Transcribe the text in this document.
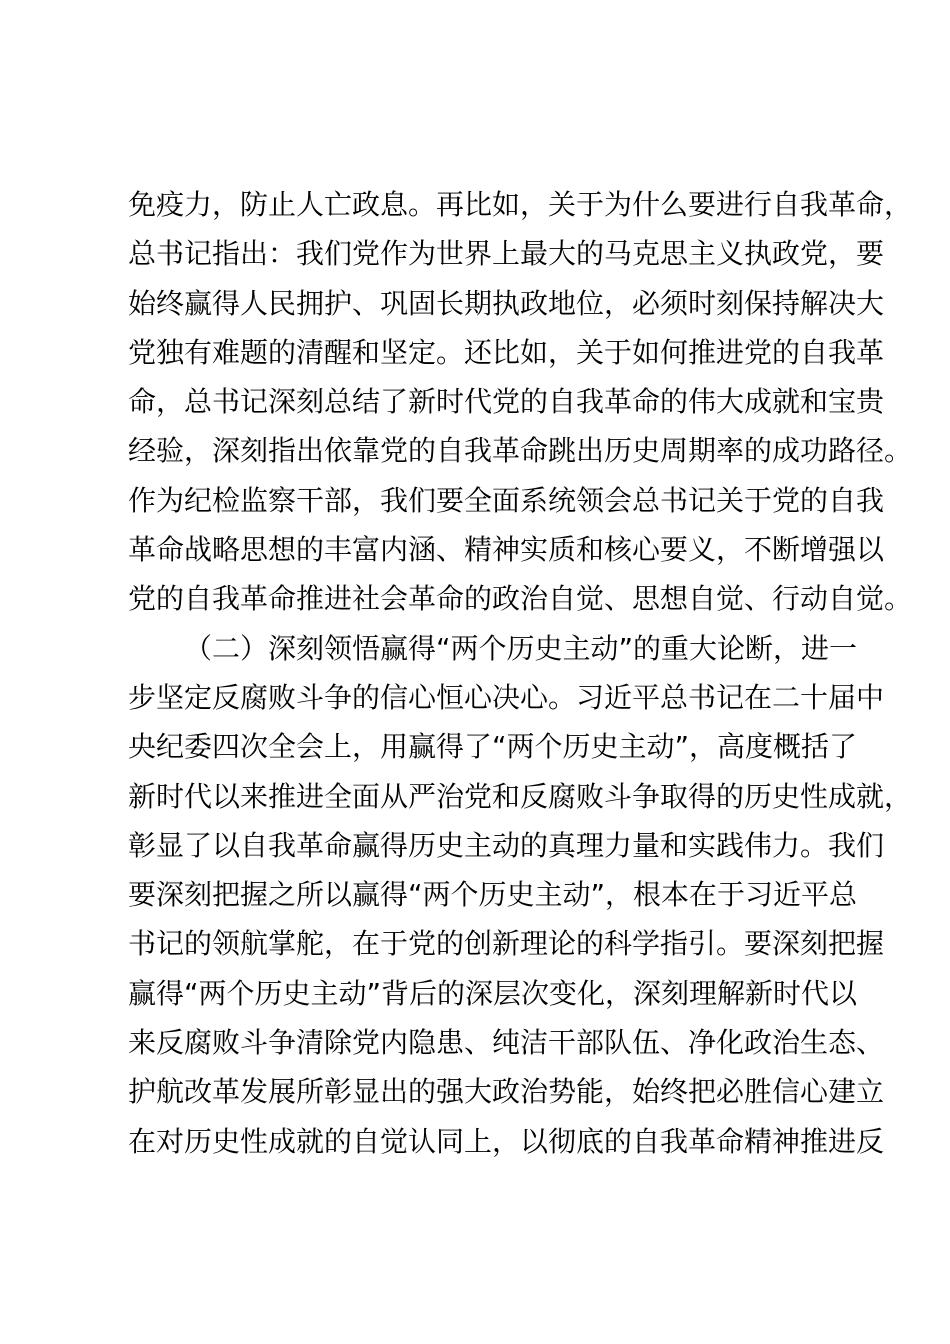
免疫力，防止人亡政息。再比如，关于为什么要进行自我革命，
总书记指出：我们党作为世界上最大的马克思主义执政党，要
始终赢得人民拥护、巩固长期执政地位，必须时刻保持解决大
党独有难题的清醒和坚定。还比如，关于如何推进党的自我革
命，总书记深刻总结了新时代党的自我革命的伟大成就和宝贵
经验，深刻指出依靠党的自我革命跳出历史周期率的成功路径。
作为纪检监察干部，我们要全面系统领会总书记关于党的自我
革命战略思想的丰富内涵、精神实质和核心要义，不断增强以
党的自我革命推进社会革命的政治自觉、思想自觉、行动自觉。
（二）深刻领悟赢得“两个历史主动”的重大论断，进一
步坚定反腐败斗争的信心恒心决心。习近平总书记在二十届中
央纪委四次全会上，用赢得了“两个历史主动”，高度概括了
新时代以来推进全面从严治党和反腐败斗争取得的历史性成就，
彰显了以自我革命赢得历史主动的真理力量和实践伟力。我们
要深刻把握之所以赢得“两个历史主动”，根本在于习近平总
书记的领航掌舵，在于党的创新理论的科学指引。要深刻把握
赢得“两个历史主动”背后的深层次变化，深刻理解新时代以
来反腐败斗争清除党内隐患、纯洁干部队伍、净化政治生态、
护航改革发展所彰显出的强大政治势能，始终把必胜信心建立
在对历史性成就的自觉认同上，以彻底的自我革命精神推进反
